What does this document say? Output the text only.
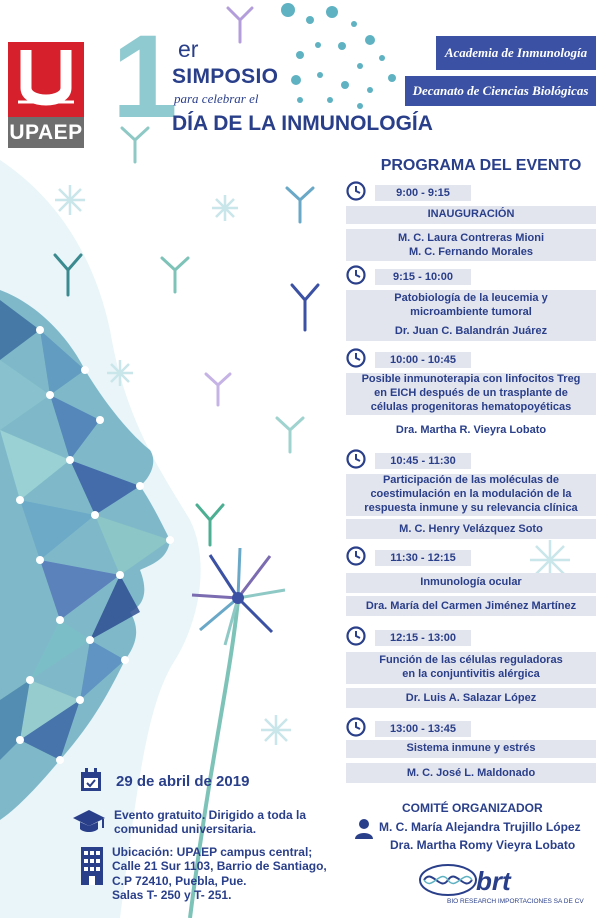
UPAEP 1 er
SIMPOSIO
para celebrar el
DÍA DE LA INMUNOLOGÍA
Academia de Inmunología
Decanato de Ciencias Biológicas
PROGRAMA DEL EVENTO
9:00 - 9:15
INAUGURACIÓN
M. C. Laura Contreras Mioni
M. C. Fernando Morales
9:15 - 10:00
Patobiología de la leucemia y
microambiente tumoral
Dr. Juan C. Balandrán Juárez
10:00 - 10:45
Posible inmunoterapia con linfocitos Treg
en EICH después de un trasplante de
células progenitoras hematopoyéticas
Dra. Martha R. Vieyra Lobato
10:45 - 11:30
Participación de las moléculas de
coestimulación en la modulación de la
respuesta inmune y su relevancia clínica
M. C. Henry Velázquez Soto
11:30 - 12:15
Inmunología ocular
Dra. María del Carmen Jiménez Martínez
12:15 - 13:00
Función de las células reguladoras
en la conjuntivitis alérgica
Dr. Luis A. Salazar López
13:00 - 13:45
Sistema inmune y estrés
M. C. José L. Maldonado
29 de abril de 2019
Evento gratuito. Dirigido a toda la
comunidad universitaria.
Ubicación: UPAEP campus central;
Calle 21 Sur 1103, Barrio de Santiago,
C.P 72410, Puebla, Pue.
Salas T- 250 y T- 251.
COMITÉ ORGANIZADOR
M. C. María Alejandra Trujillo López
Dra. Martha Romy Vieyra Lobato
brt
BIO RESEARCH IMPORTACIONES SA DE CV
